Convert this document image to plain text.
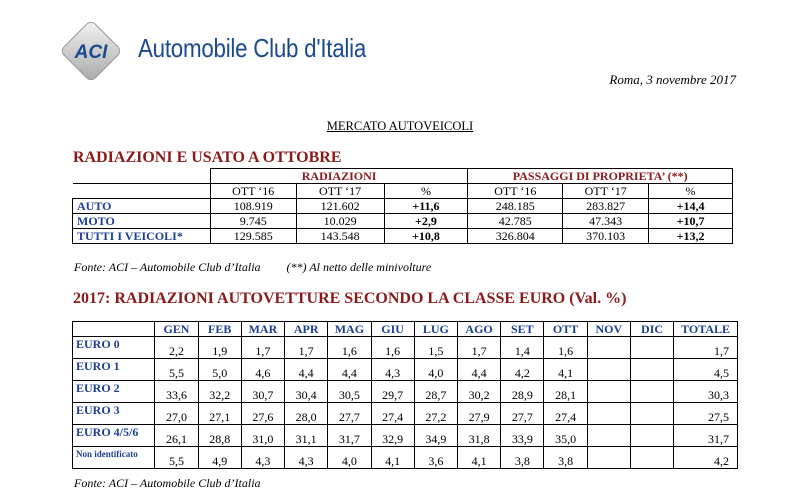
ACI Automobile Club d'Italia
Roma, 3 novembre 2017
MERCATO AUTOVEICOLI
RADIAZIONI E USATO A OTTOBRE
	RADIAZIONI			PASSAGGI DI PROPRIETA’ (**)		
	OTT ‘16	OTT ‘17	%	OTT ‘16	OTT ‘17	%
AUTO	108.919	121.602	+11,6	248.185	283.827	+14,4
MOTO	9.745	10.029	+2,9	42.785	47.343	+10,7
TUTTI I VEICOLI*	129.585	143.548	+10,8	326.804	370.103	+13,2
Fonte: ACI – Automobile Club d’Italia (**) Al netto delle minivolture
2017: RADIAZIONI AUTOVETTURE SECONDO LA CLASSE EURO (Val. %)
	GEN	FEB	MAR	APR	MAG	GIU	LUG	AGO	SET	OTT	NOV	DIC	TOTALE
EURO 0	2,2	1,9	1,7	1,7	1,6	1,6	1,5	1,7	1,4	1,6			1,7
EURO 1	5,5	5,0	4,6	4,4	4,4	4,3	4,0	4,4	4,2	4,1			4,5
EURO 2	33,6	32,2	30,7	30,4	30,5	29,7	28,7	30,2	28,9	28,1			30,3
EURO 3	27,0	27,1	27,6	28,0	27,7	27,4	27,2	27,9	27,7	27,4			27,5
EURO 4/5/6	26,1	28,8	31,0	31,1	31,7	32,9	34,9	31,8	33,9	35,0			31,7
Non identificato	5,5	4,9	4,3	4,3	4,0	4,1	3,6	4,1	3,8	3,8			4,2
Fonte: ACI – Automobile Club d’Italia
